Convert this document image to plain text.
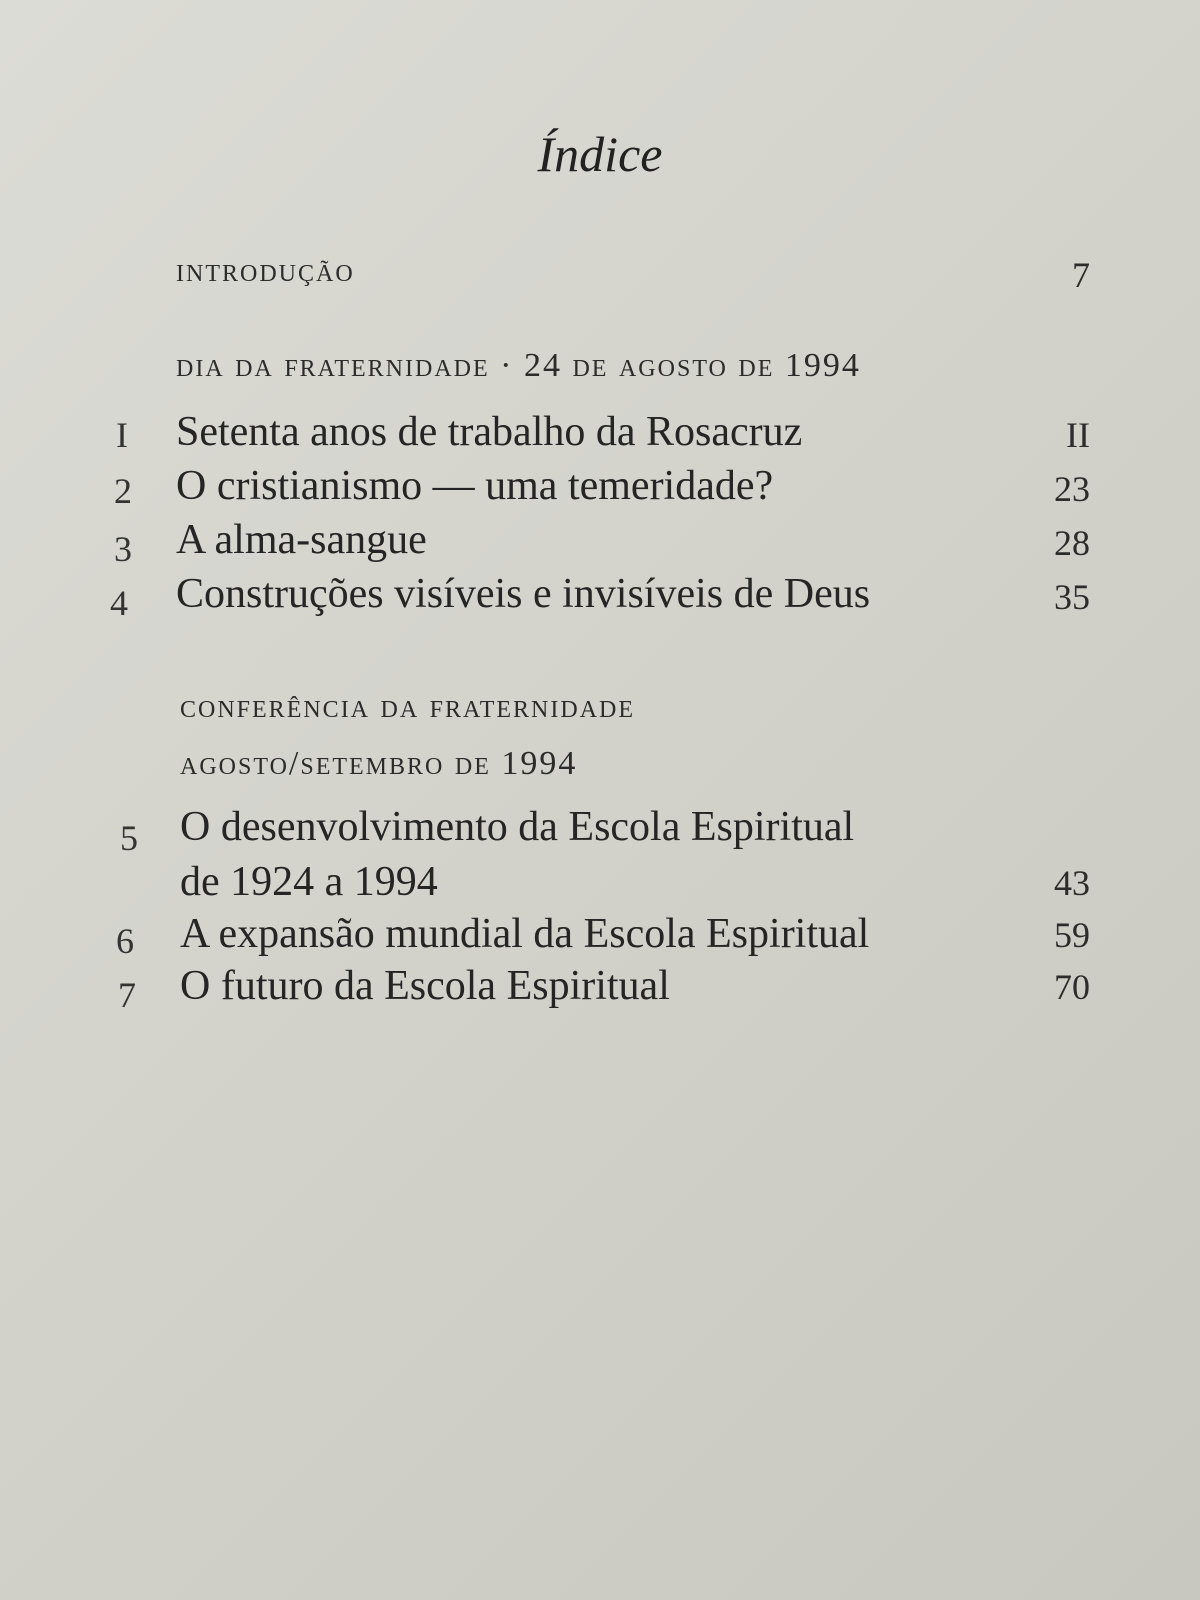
Índice
introdução	7
dia da fraternidade · 24 de agosto de 1994
I	Setenta anos de trabalho da Rosacruz	II
2	O cristianismo — uma temeridade?	23
3	A alma-sangue	28
4	Construções visíveis e invisíveis de Deus	35
conferência da fraternidade
agosto/setembro de 1994
5	O desenvolvimento da Escola Espiritual
de 1924 a 1994	43
6	A expansão mundial da Escola Espiritual	59
7	O futuro da Escola Espiritual	70
